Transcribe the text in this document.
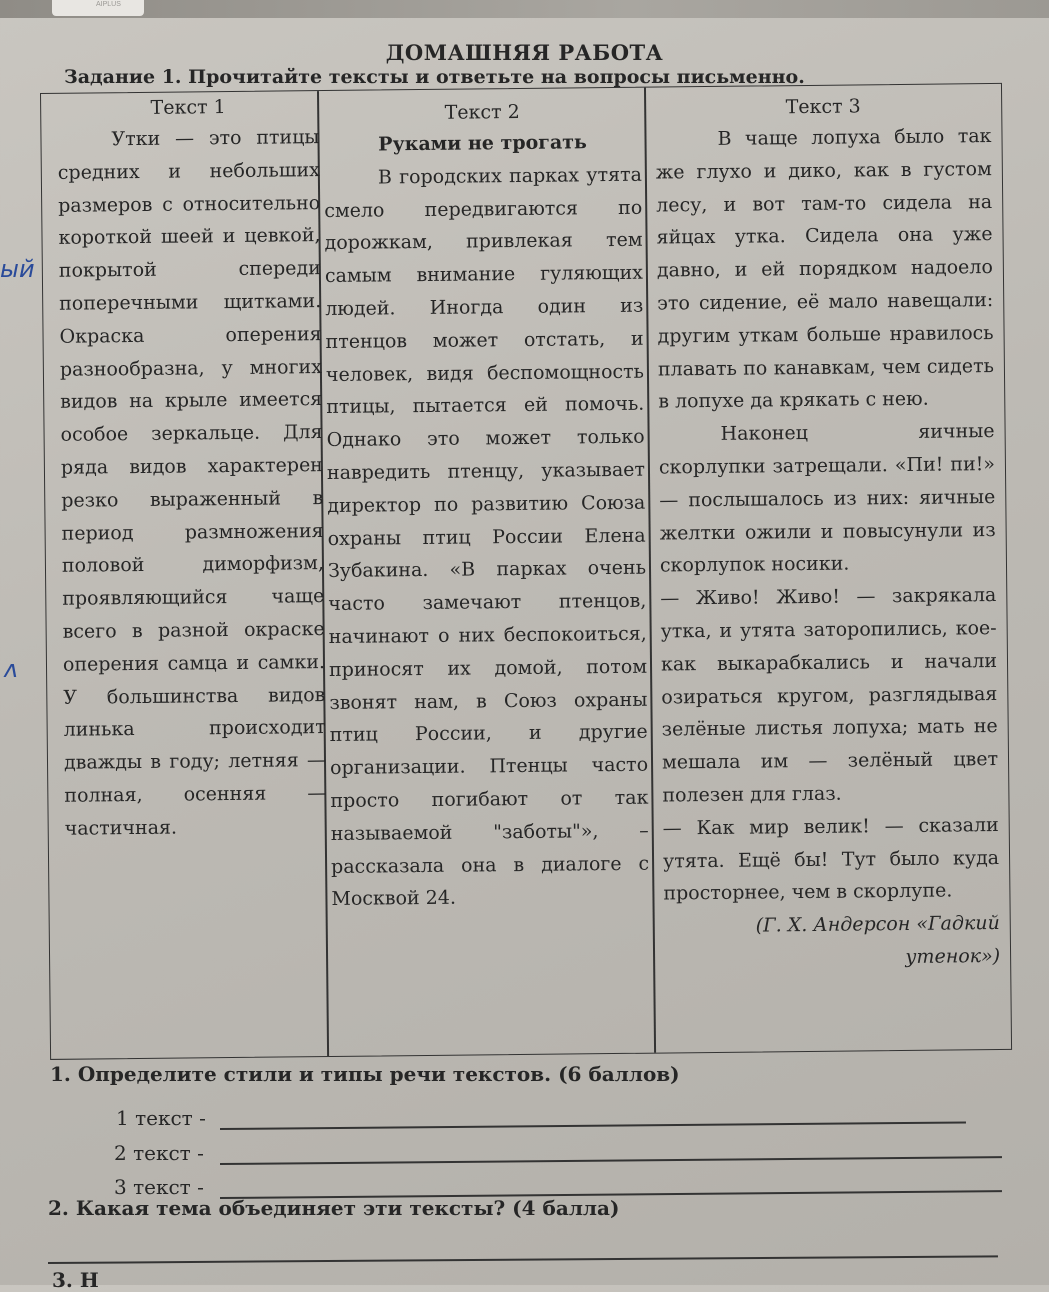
AIPLUS
ДОМАШНЯЯ РАБОТА
Задание 1. Прочитайте тексты и ответьте на вопросы письменно.
ый
ʌ
Текст 1

Утки — это птицы средних и небольших размеров с относительно короткой шеей и цевкой, покрытой спереди поперечными щитками. Окраска оперения разнообразна, у многих видов на крыле имеется особое зеркальце. Для ряда видов характерен резко выраженный в период размножения половой диморфизм, проявляющийся чаще всего в разной окраске оперения самца и самки. У большинства видов линька происходит дважды в году; летняя — полная, осенняя — частичная.

Текст 2
Руками не трогать

В городских парках утята смело передвигаются по дорожкам, привлекая тем самым внимание гуляющих людей. Иногда один из птенцов может отстать, и человек, видя беспомощность птицы, пытается ей помочь. Однако это может только навредить птенцу, указывает директор по развитию Союза охраны птиц России Елена Зубакина. «В парках очень часто замечают птенцов, начинают о них беспокоиться, приносят их домой, потом звонят нам, в Союз охраны птиц России, и другие организации. Птенцы часто просто погибают от так называемой "заботы"», – рассказала она в диалоге с Москвой 24.

Текст 3

В чаще лопуха было так же глухо и дико, как в густом лесу, и вот там-то сидела на яйцах утка. Сидела она уже давно, и ей порядком надоело это сидение, её мало навещали: другим уткам больше нравилось плавать по канавкам, чем сидеть в лопухе да крякать с нею.

Наконец яичные скорлупки затрещали. «Пи! пи!» — послышалось из них: яичные желтки ожили и повысунули из скорлупок носики.

— Живо! Живо! — закрякала утка, и утята заторопились, кое-как выкарабкались и начали озираться кругом, разглядывая зелёные листья лопуха; мать не мешала им — зелёный цвет полезен для глаз.

— Как мир велик! — сказали утята. Ещё бы! Тут было куда просторнее, чем в скорлупе.

(Г. Х. Андерсон «Гадкий утенок»)

1. Определите стили и типы речи текстов. (6 баллов)
1 текст -
2 текст -
3 текст -
2. Какая тема объединяет эти тексты? (4 балла)
3. Н
